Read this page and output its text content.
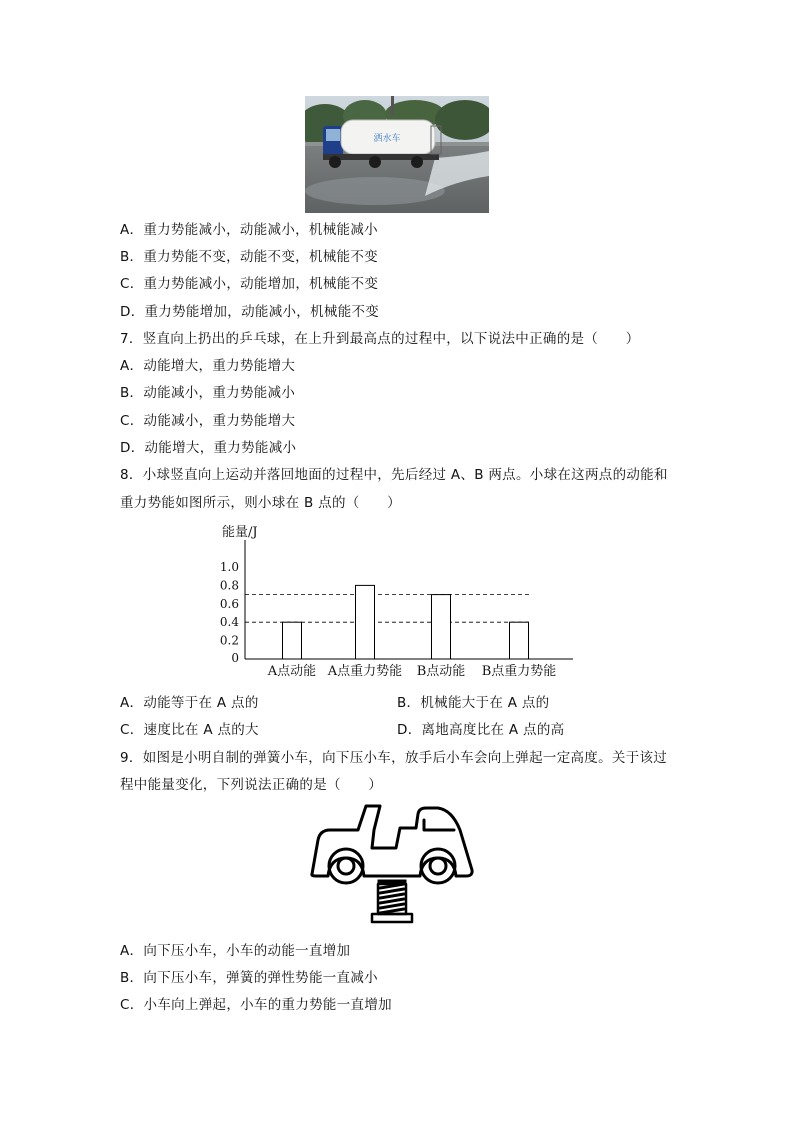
洒水车
A．重力势能减小，动能减小，机械能减小
B．重力势能不变，动能不变，机械能不变
C．重力势能减小，动能增加，机械能不变
D．重力势能增加，动能减小，机械能不变
7．竖直向上扔出的乒乓球，在上升到最高点的过程中，以下说法中正确的是（　　）
A．动能增大，重力势能增大
B．动能减小，重力势能减小
C．动能减小，重力势能增大
D．动能增大，重力势能减小
8．小球竖直向上运动并落回地面的过程中，先后经过 A、B 两点。小球在这两点的动能和
重力势能如图所示，则小球在 B 点的（　　）
能量/J
0
0.2
0.4
0.6
0.8
1.0
A点动能 A点重力势能 B点动能 B点重力势能
A．动能等于在 A 点的	B．机械能大于在 A 点的
C．速度比在 A 点的大	D．离地高度比在 A 点的高
9．如图是小明自制的弹簧小车，向下压小车，放手后小车会向上弹起一定高度。关于该过
程中能量变化，下列说法正确的是（　　）
A．向下压小车，小车的动能一直增加
B．向下压小车，弹簧的弹性势能一直减小
C．小车向上弹起，小车的重力势能一直增加
